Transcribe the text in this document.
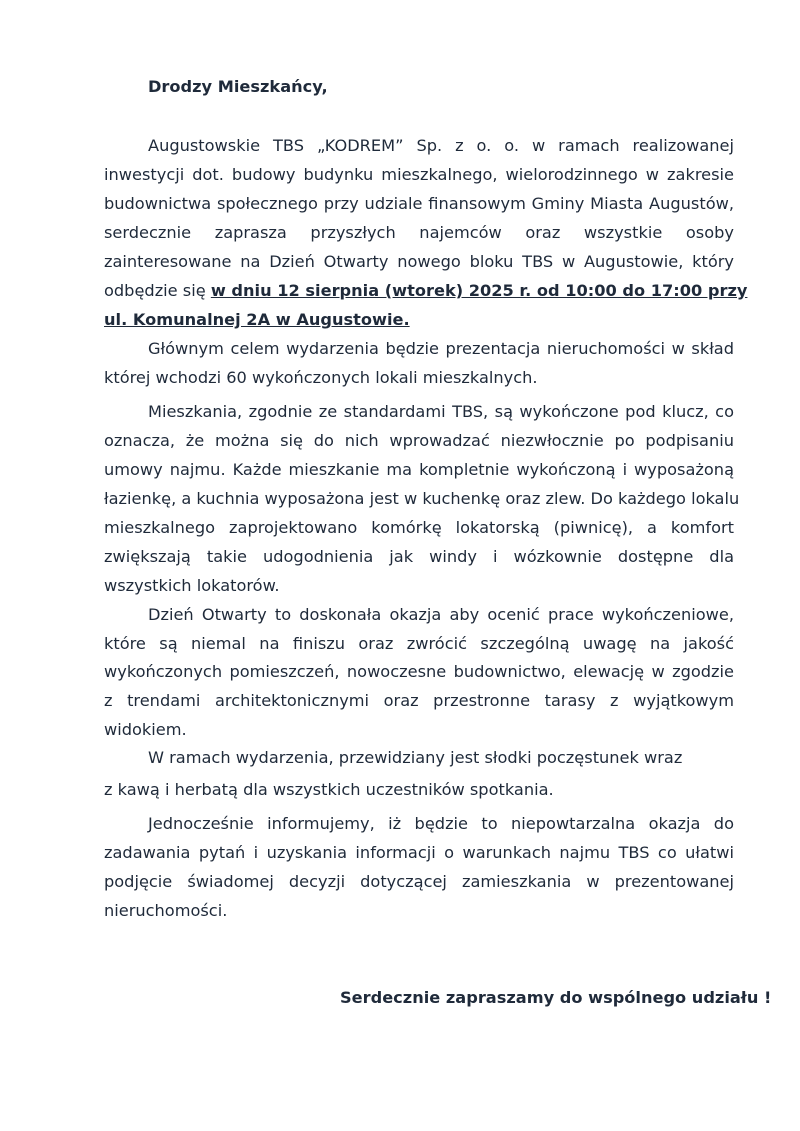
Drodzy Mieszkańcy,
Augustowskie TBS „KODREM” Sp. z o. o. w ramach realizowanej
inwestycji dot. budowy budynku mieszkalnego, wielorodzinnego w zakresie
budownictwa społecznego przy udziale finansowym Gminy Miasta Augustów,
serdecznie zaprasza przyszłych najemców oraz wszystkie osoby
zainteresowane na Dzień Otwarty nowego bloku TBS w Augustowie, który
odbędzie się w dniu 12 sierpnia (wtorek) 2025 r. od 10:00 do 17:00 przy
ul. Komunalnej 2A w Augustowie.
Głównym celem wydarzenia będzie prezentacja nieruchomości w skład
której wchodzi 60 wykończonych lokali mieszkalnych.
Mieszkania, zgodnie ze standardami TBS, są wykończone pod klucz, co
oznacza, że można się do nich wprowadzać niezwłocznie po podpisaniu
umowy najmu. Każde mieszkanie ma kompletnie wykończoną i wyposażoną
łazienkę, a kuchnia wyposażona jest w kuchenkę oraz zlew. Do każdego lokalu
mieszkalnego zaprojektowano komórkę lokatorską (piwnicę), a komfort
zwiększają takie udogodnienia jak windy i wózkownie dostępne dla
wszystkich lokatorów.
Dzień Otwarty to doskonała okazja aby ocenić prace wykończeniowe,
które są niemal na finiszu oraz zwrócić szczególną uwagę na jakość
wykończonych pomieszczeń, nowoczesne budownictwo, elewację w zgodzie
z trendami architektonicznymi oraz przestronne tarasy z wyjątkowym
widokiem.
W ramach wydarzenia, przewidziany jest słodki poczęstunek wraz
z kawą i herbatą dla wszystkich uczestników spotkania.
Jednocześnie informujemy, iż będzie to niepowtarzalna okazja do
zadawania pytań i uzyskania informacji o warunkach najmu TBS co ułatwi
podjęcie świadomej decyzji dotyczącej zamieszkania w prezentowanej
nieruchomości.
Serdecznie zapraszamy do wspólnego udziału !
